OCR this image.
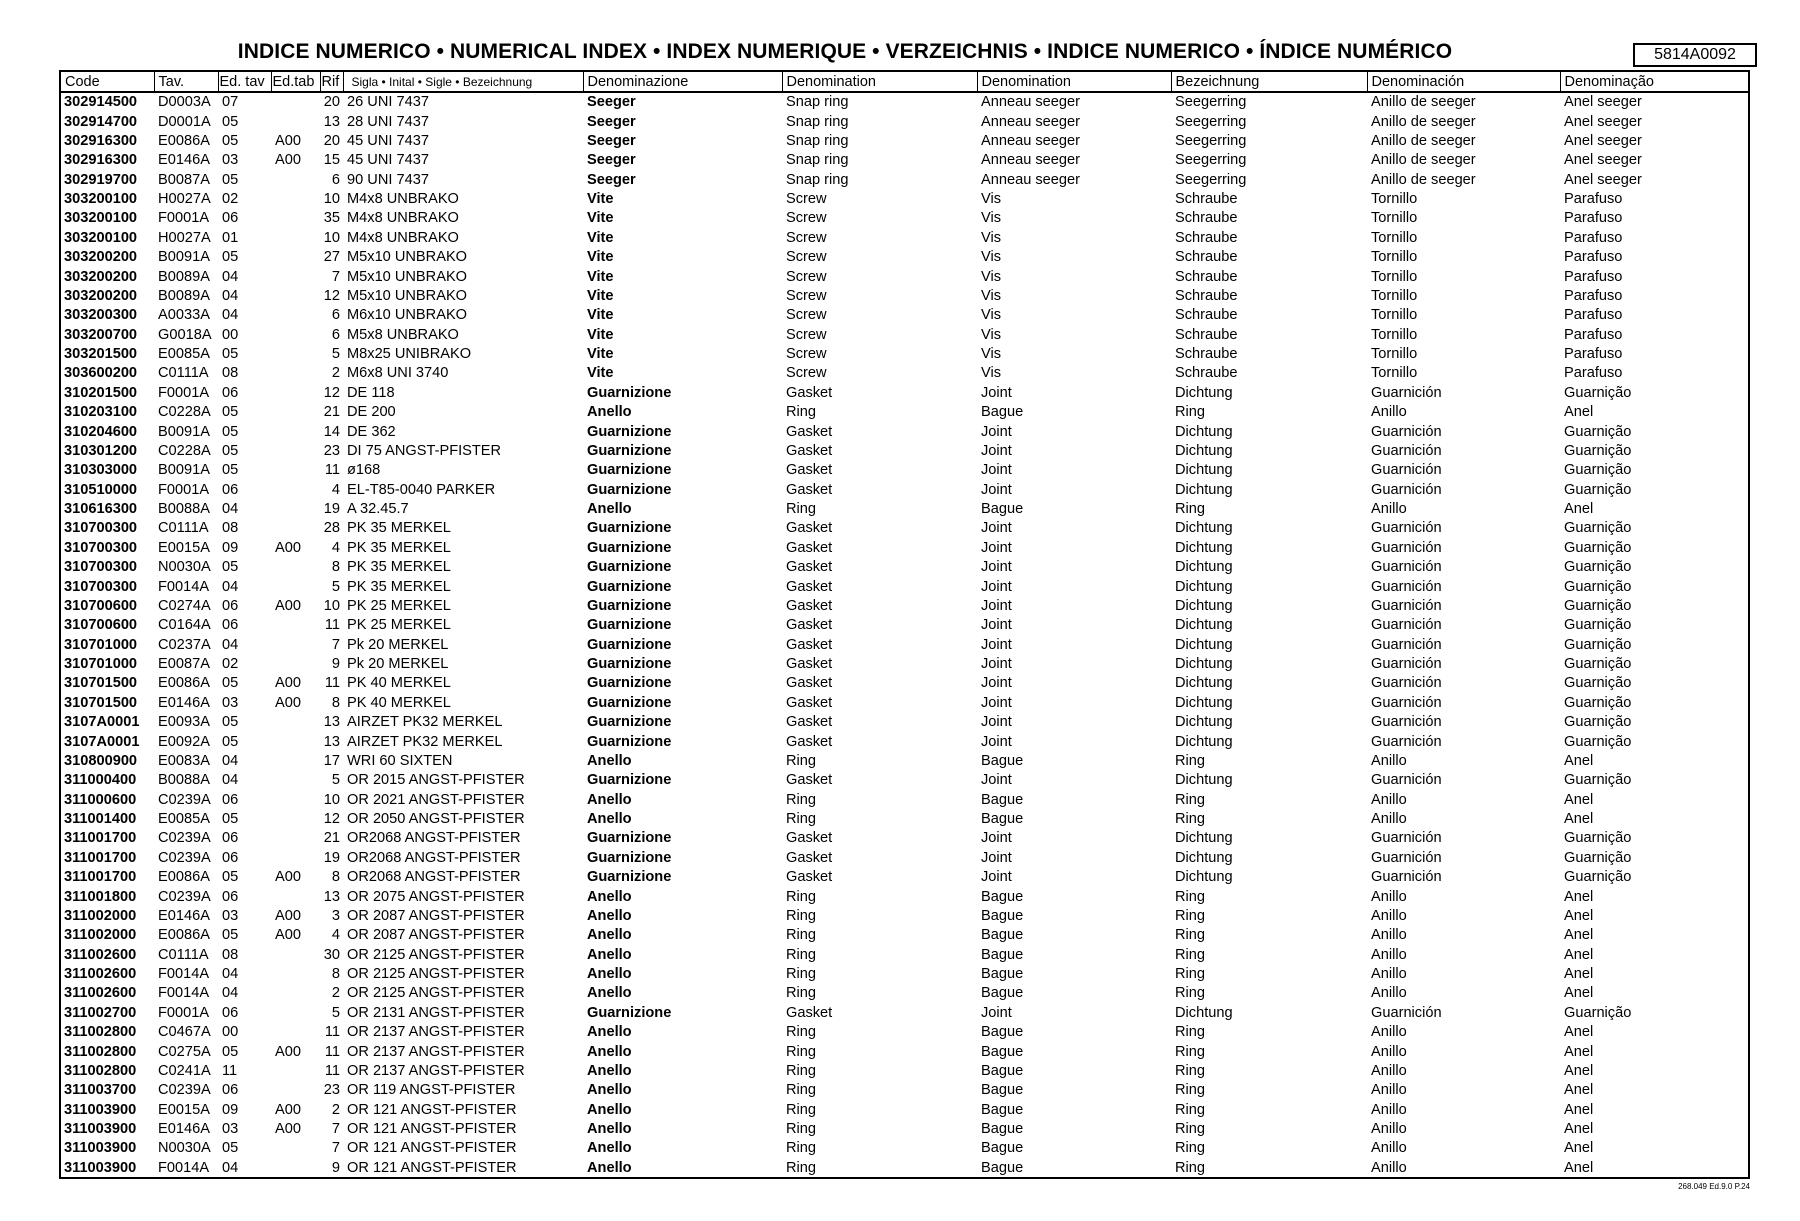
INDICE NUMERICO • NUMERICAL INDEX • INDEX NUMERIQUE • VERZEICHNIS • INDICE NUMERICO • ÍNDICE NUMÉRICO	5814A0092
Code	Tav.	Ed. tav	Ed.tab	Rif	Sigla • Inital • Sigle • Bezeichnung	Denominazione	Denomination	Denomination	Bezeichnung	Denominación	Denominação
302914500	D0003A	07		20	26 UNI 7437	Seeger	Snap ring	Anneau seeger	Seegerring	Anillo de seeger	Anel seeger
302914700	D0001A	05		13	28 UNI 7437	Seeger	Snap ring	Anneau seeger	Seegerring	Anillo de seeger	Anel seeger
302916300	E0086A	05	A00	20	45 UNI 7437	Seeger	Snap ring	Anneau seeger	Seegerring	Anillo de seeger	Anel seeger
302916300	E0146A	03	A00	15	45 UNI 7437	Seeger	Snap ring	Anneau seeger	Seegerring	Anillo de seeger	Anel seeger
302919700	B0087A	05		6	90 UNI 7437	Seeger	Snap ring	Anneau seeger	Seegerring	Anillo de seeger	Anel seeger
303200100	H0027A	02		10	M4x8 UNBRAKO	Vite	Screw	Vis	Schraube	Tornillo	Parafuso
303200100	F0001A	06		35	M4x8 UNBRAKO	Vite	Screw	Vis	Schraube	Tornillo	Parafuso
303200100	H0027A	01		10	M4x8 UNBRAKO	Vite	Screw	Vis	Schraube	Tornillo	Parafuso
303200200	B0091A	05		27	M5x10 UNBRAKO	Vite	Screw	Vis	Schraube	Tornillo	Parafuso
303200200	B0089A	04		7	M5x10 UNBRAKO	Vite	Screw	Vis	Schraube	Tornillo	Parafuso
303200200	B0089A	04		12	M5x10 UNBRAKO	Vite	Screw	Vis	Schraube	Tornillo	Parafuso
303200300	A0033A	04		6	M6x10 UNBRAKO	Vite	Screw	Vis	Schraube	Tornillo	Parafuso
303200700	G0018A	00		6	M5x8 UNBRAKO	Vite	Screw	Vis	Schraube	Tornillo	Parafuso
303201500	E0085A	05		5	M8x25 UNIBRAKO	Vite	Screw	Vis	Schraube	Tornillo	Parafuso
303600200	C0111A	08		2	M6x8 UNI 3740	Vite	Screw	Vis	Schraube	Tornillo	Parafuso
310201500	F0001A	06		12	DE 118	Guarnizione	Gasket	Joint	Dichtung	Guarnición	Guarnição
310203100	C0228A	05		21	DE 200	Anello	Ring	Bague	Ring	Anillo	Anel
310204600	B0091A	05		14	DE 362	Guarnizione	Gasket	Joint	Dichtung	Guarnición	Guarnição
310301200	C0228A	05		23	DI 75 ANGST-PFISTER	Guarnizione	Gasket	Joint	Dichtung	Guarnición	Guarnição
310303000	B0091A	05		11	ø168	Guarnizione	Gasket	Joint	Dichtung	Guarnición	Guarnição
310510000	F0001A	06		4	EL-T85-0040 PARKER	Guarnizione	Gasket	Joint	Dichtung	Guarnición	Guarnição
310616300	B0088A	04		19	A 32.45.7	Anello	Ring	Bague	Ring	Anillo	Anel
310700300	C0111A	08		28	PK 35 MERKEL	Guarnizione	Gasket	Joint	Dichtung	Guarnición	Guarnição
310700300	E0015A	09	A00	4	PK 35 MERKEL	Guarnizione	Gasket	Joint	Dichtung	Guarnición	Guarnição
310700300	N0030A	05		8	PK 35 MERKEL	Guarnizione	Gasket	Joint	Dichtung	Guarnición	Guarnição
310700300	F0014A	04		5	PK 35 MERKEL	Guarnizione	Gasket	Joint	Dichtung	Guarnición	Guarnição
310700600	C0274A	06	A00	10	PK 25 MERKEL	Guarnizione	Gasket	Joint	Dichtung	Guarnición	Guarnição
310700600	C0164A	06		11	PK 25 MERKEL	Guarnizione	Gasket	Joint	Dichtung	Guarnición	Guarnição
310701000	C0237A	04		7	Pk 20 MERKEL	Guarnizione	Gasket	Joint	Dichtung	Guarnición	Guarnição
310701000	E0087A	02		9	Pk 20 MERKEL	Guarnizione	Gasket	Joint	Dichtung	Guarnición	Guarnição
310701500	E0086A	05	A00	11	PK 40 MERKEL	Guarnizione	Gasket	Joint	Dichtung	Guarnición	Guarnição
310701500	E0146A	03	A00	8	PK 40 MERKEL	Guarnizione	Gasket	Joint	Dichtung	Guarnición	Guarnição
3107A0001	E0093A	05		13	AIRZET PK32 MERKEL	Guarnizione	Gasket	Joint	Dichtung	Guarnición	Guarnição
3107A0001	E0092A	05		13	AIRZET PK32 MERKEL	Guarnizione	Gasket	Joint	Dichtung	Guarnición	Guarnição
310800900	E0083A	04		17	WRI 60 SIXTEN	Anello	Ring	Bague	Ring	Anillo	Anel
311000400	B0088A	04		5	OR 2015 ANGST-PFISTER	Guarnizione	Gasket	Joint	Dichtung	Guarnición	Guarnição
311000600	C0239A	06		10	OR 2021 ANGST-PFISTER	Anello	Ring	Bague	Ring	Anillo	Anel
311001400	E0085A	05		12	OR 2050 ANGST-PFISTER	Anello	Ring	Bague	Ring	Anillo	Anel
311001700	C0239A	06		21	OR2068 ANGST-PFISTER	Guarnizione	Gasket	Joint	Dichtung	Guarnición	Guarnição
311001700	C0239A	06		19	OR2068 ANGST-PFISTER	Guarnizione	Gasket	Joint	Dichtung	Guarnición	Guarnição
311001700	E0086A	05	A00	8	OR2068 ANGST-PFISTER	Guarnizione	Gasket	Joint	Dichtung	Guarnición	Guarnição
311001800	C0239A	06		13	OR 2075 ANGST-PFISTER	Anello	Ring	Bague	Ring	Anillo	Anel
311002000	E0146A	03	A00	3	OR 2087 ANGST-PFISTER	Anello	Ring	Bague	Ring	Anillo	Anel
311002000	E0086A	05	A00	4	OR 2087 ANGST-PFISTER	Anello	Ring	Bague	Ring	Anillo	Anel
311002600	C0111A	08		30	OR 2125 ANGST-PFISTER	Anello	Ring	Bague	Ring	Anillo	Anel
311002600	F0014A	04		8	OR 2125 ANGST-PFISTER	Anello	Ring	Bague	Ring	Anillo	Anel
311002600	F0014A	04		2	OR 2125 ANGST-PFISTER	Anello	Ring	Bague	Ring	Anillo	Anel
311002700	F0001A	06		5	OR 2131 ANGST-PFISTER	Guarnizione	Gasket	Joint	Dichtung	Guarnición	Guarnição
311002800	C0467A	00		11	OR 2137 ANGST-PFISTER	Anello	Ring	Bague	Ring	Anillo	Anel
311002800	C0275A	05	A00	11	OR 2137 ANGST-PFISTER	Anello	Ring	Bague	Ring	Anillo	Anel
311002800	C0241A	11		11	OR 2137 ANGST-PFISTER	Anello	Ring	Bague	Ring	Anillo	Anel
311003700	C0239A	06		23	OR 119 ANGST-PFISTER	Anello	Ring	Bague	Ring	Anillo	Anel
311003900	E0015A	09	A00	2	OR 121 ANGST-PFISTER	Anello	Ring	Bague	Ring	Anillo	Anel
311003900	E0146A	03	A00	7	OR 121 ANGST-PFISTER	Anello	Ring	Bague	Ring	Anillo	Anel
311003900	N0030A	05		7	OR 121 ANGST-PFISTER	Anello	Ring	Bague	Ring	Anillo	Anel
311003900	F0014A	04		9	OR 121 ANGST-PFISTER	Anello	Ring	Bague	Ring	Anillo	Anel
268.049 Ed.9.0 P.24
